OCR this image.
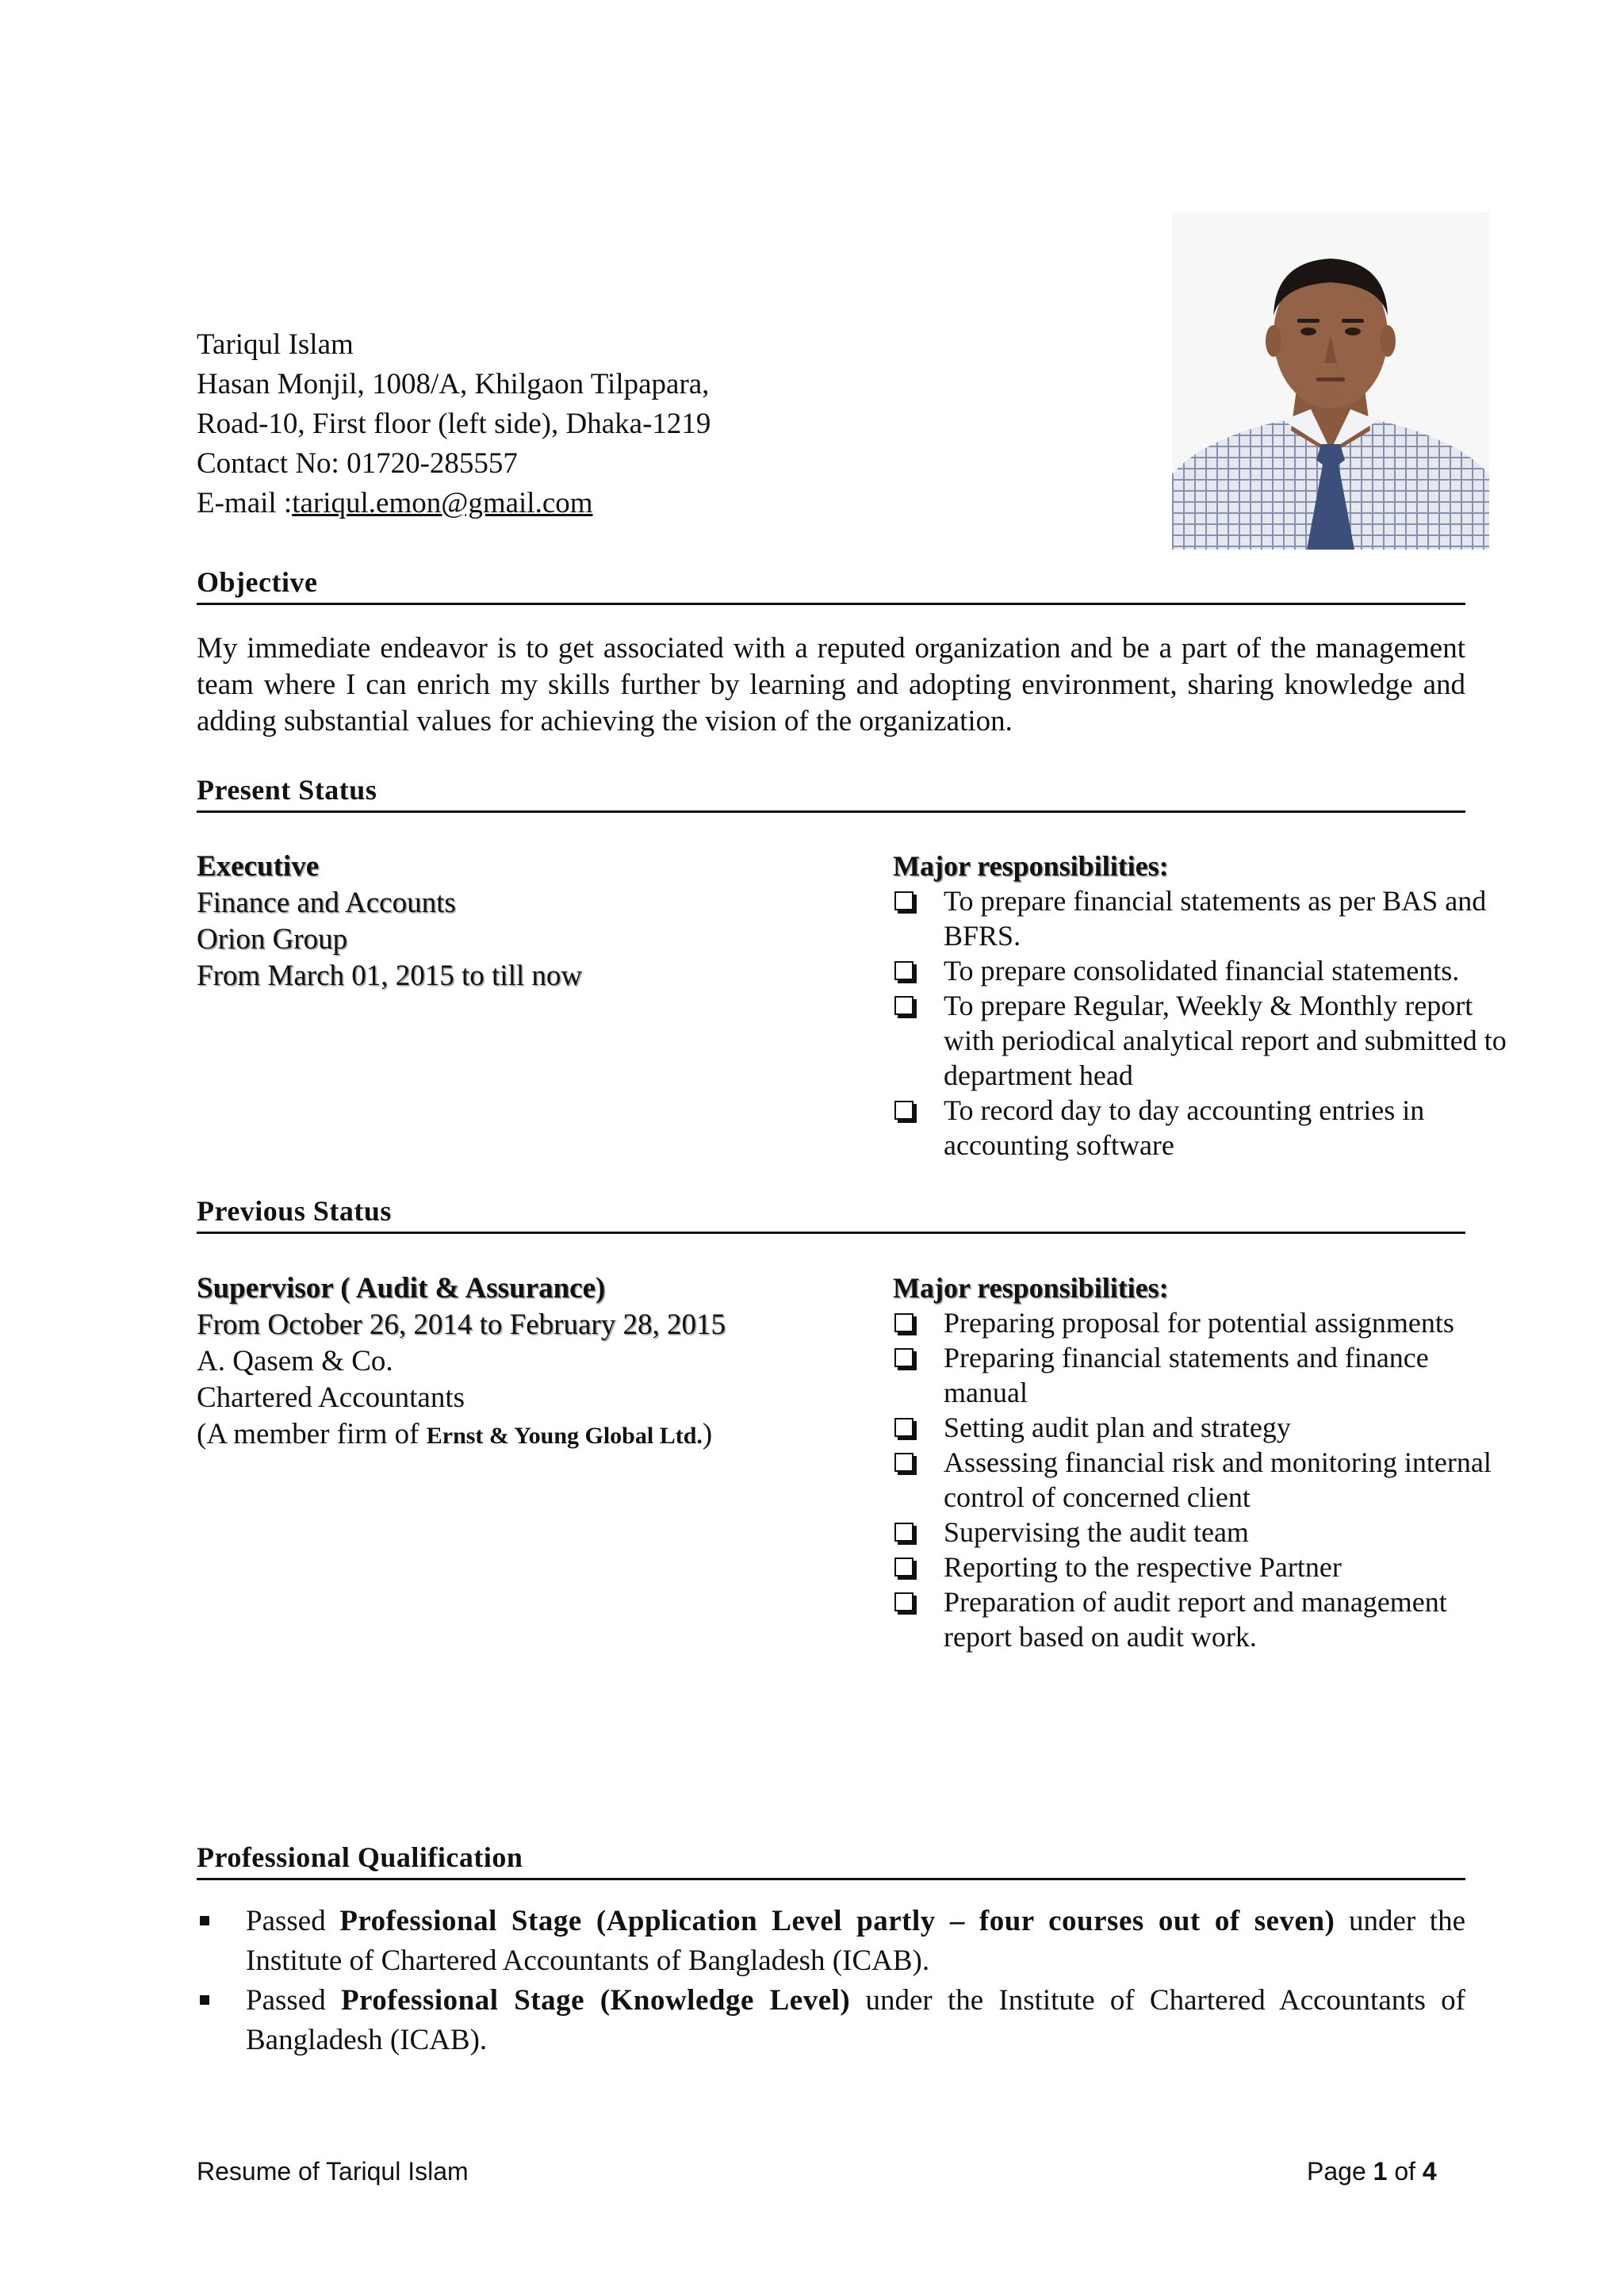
Tariqul Islam
Hasan Monjil, 1008/A, Khilgaon Tilpapara,
Road-10, First floor (left side), Dhaka-1219
Contact No: 01720-285557
E-mail :tariqul.emon@gmail.com
Objective
My immediate endeavor is to get associated with a reputed organization and be a part of the management team where I can enrich my skills further by learning and adopting environment, sharing knowledge and adding substantial values for achieving the vision of the organization.
Present Status
Executive
Finance and Accounts
Orion Group
From March 01, 2015 to till now
Major responsibilities:
To prepare financial statements as per BAS and BFRS.
To prepare consolidated financial statements.
To prepare Regular, Weekly & Monthly report with periodical analytical report and submitted to department head
To record day to day accounting entries in accounting software
Previous Status
Supervisor ( Audit & Assurance)
From October 26, 2014 to February 28, 2015
A. Qasem & Co.
Chartered Accountants
(A member firm of Ernst & Young Global Ltd.)
Major responsibilities:
Preparing proposal for potential assignments
Preparing financial statements and finance manual
Setting audit plan and strategy
Assessing financial risk and monitoring internal control of concerned client
Supervising the audit team
Reporting to the respective Partner
Preparation of audit report and management report based on audit work.
Professional Qualification
Passed Professional Stage (Application Level partly – four courses out of seven) under the Institute of Chartered Accountants of Bangladesh (ICAB).
Passed Professional Stage (Knowledge Level) under the Institute of Chartered Accountants of Bangladesh (ICAB).
Resume of Tariqul Islam	Page 1 of 4
